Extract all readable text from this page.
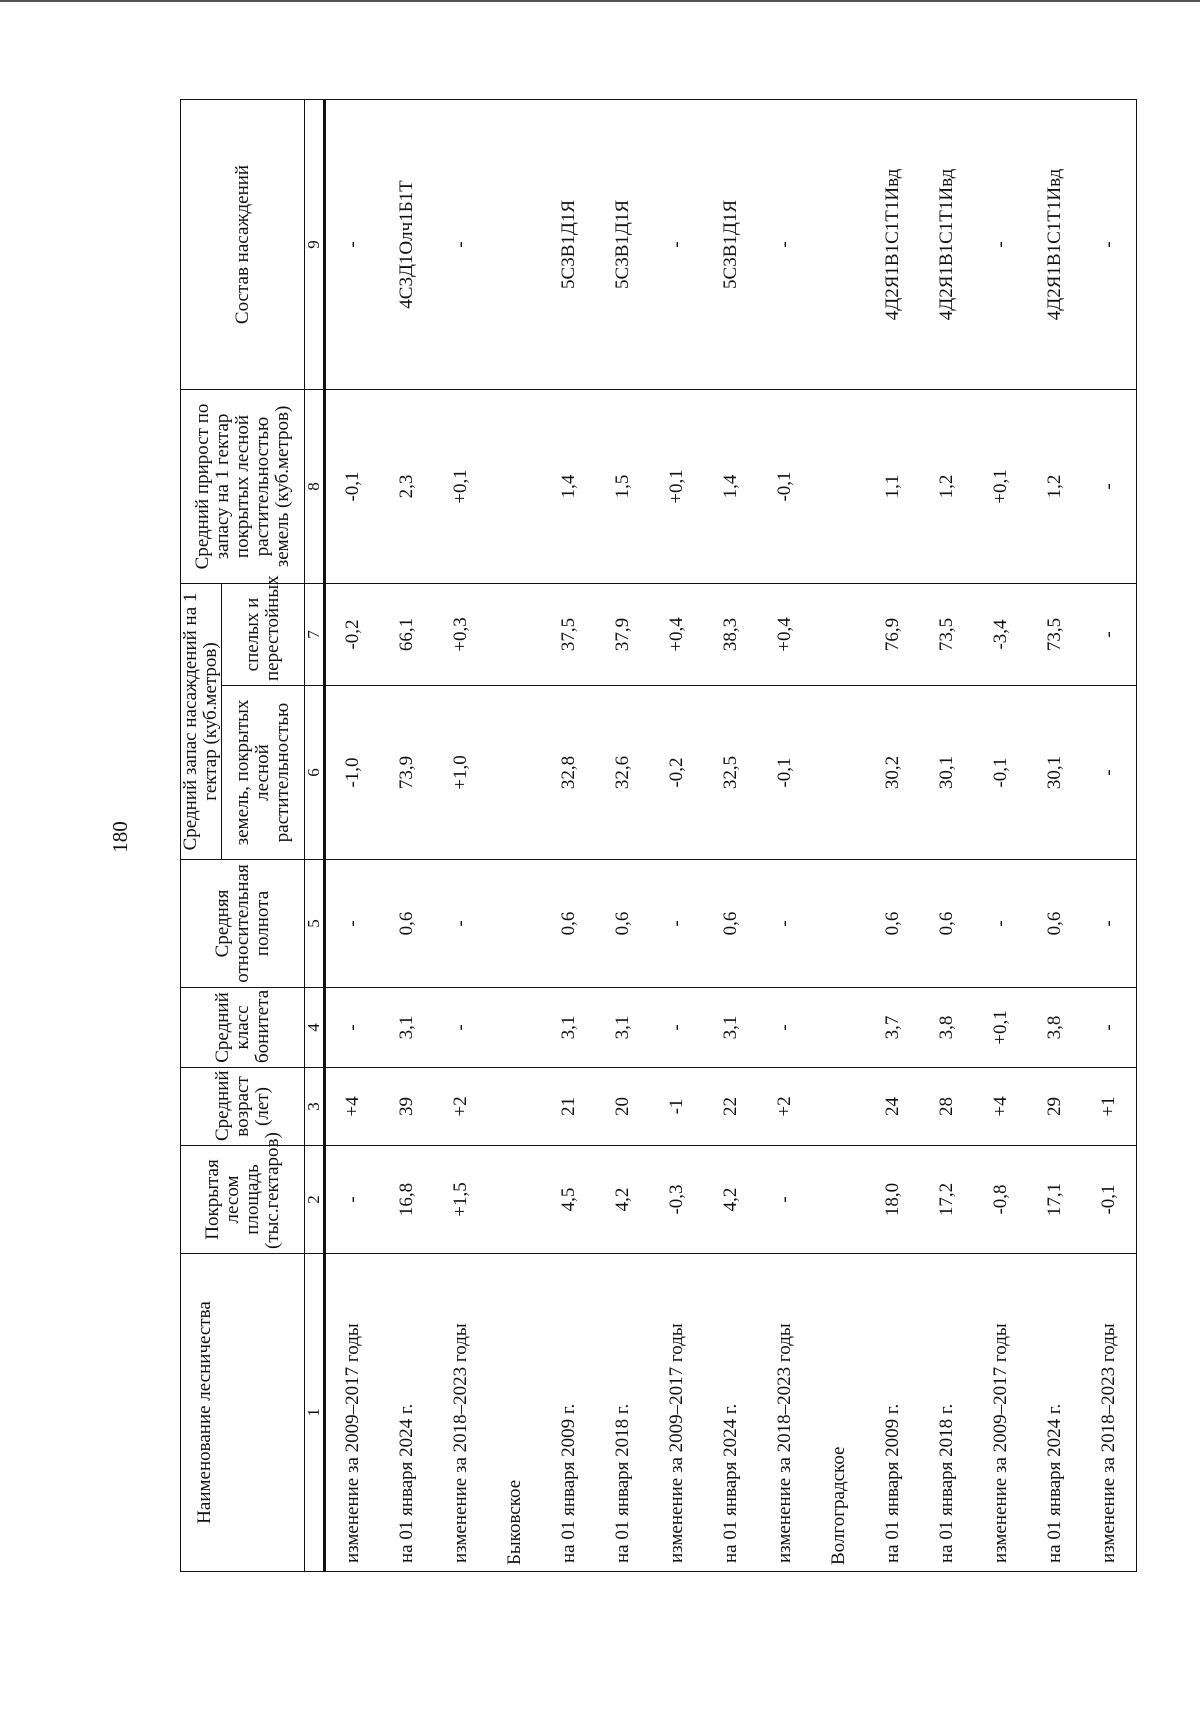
180
Наименование лесничества	Покрытая лесом площадь (тыс.гектаров)	Средний возраст (лет)	Средний класс бонитета	Средняя относительная полнота	Средний запас насаждений на 1 гектар (куб.метров)		Средний прирост по запасу на 1 гектар покрытых лесной растительностью земель (куб.метров)	Состав насаждений
					земель, покрытых лесной растительностью	спелых и перестойных		
1	2	3	4	5	6	7	8	9
изменение за 2009–2017 годы	-	+4	-	-	-1,0	-0,2	-0,1	-
на 01 января 2024 г.	16,8	39	3,1	0,6	73,9	66,1	2,3	4С3Д1Олч1Б1Т
изменение за 2018–2023 годы	+1,5	+2	-	-	+1,0	+0,3	+0,1	-
Быковское								
на 01 января 2009 г.	4,5	21	3,1	0,6	32,8	37,5	1,4	5С3В1Д1Я
на 01 января 2018 г.	4,2	20	3,1	0,6	32,6	37,9	1,5	5С3В1Д1Я
изменение за 2009–2017 годы	-0,3	-1	-	-	-0,2	+0,4	+0,1	-
на 01 января 2024 г.	4,2	22	3,1	0,6	32,5	38,3	1,4	5С3В1Д1Я
изменение за 2018–2023 годы	-	+2	-	-	-0,1	+0,4	-0,1	-
Волгоградское								
на 01 января 2009 г.	18,0	24	3,7	0,6	30,2	76,9	1,1	4Д2Я1В1С1Т1Ивд
на 01 января 2018 г.	17,2	28	3,8	0,6	30,1	73,5	1,2	4Д2Я1В1С1Т1Ивд
изменение за 2009–2017 годы	-0,8	+4	+0,1	-	-0,1	-3,4	+0,1	-
на 01 января 2024 г.	17,1	29	3,8	0,6	30,1	73,5	1,2	4Д2Я1В1С1Т1Ивд
изменение за 2018–2023 годы	-0,1	+1	-	-	-	-	-	-
